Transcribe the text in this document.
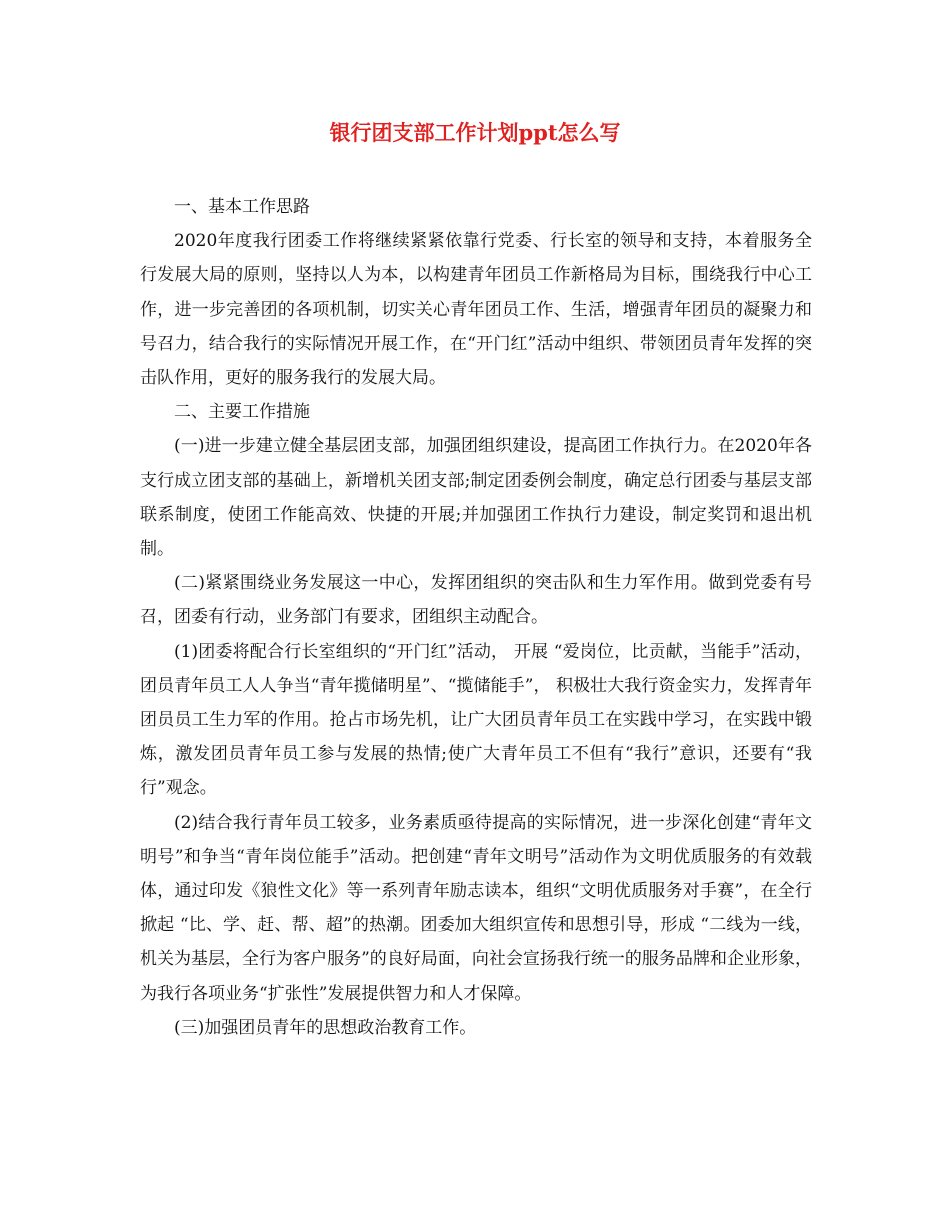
银行团支部工作计划ppt怎么写

一、基本工作思路

2020年度我行团委工作将继续紧紧依靠行党委、行长室的领导和支持，本着服务全行发展大局的原则，坚持以人为本，以构建青年团员工作新格局为目标，围绕我行中心工作，进一步完善团的各项机制，切实关心青年团员工作、生活，增强青年团员的凝聚力和号召力，结合我行的实际情况开展工作，在“开门红”活动中组织、带领团员青年发挥的突击队作用，更好的服务我行的发展大局。

二、主要工作措施

(一)进一步建立健全基层团支部，加强团组织建设，提高团工作执行力。在2020年各支行成立团支部的基础上，新增机关团支部;制定团委例会制度，确定总行团委与基层支部联系制度，使团工作能高效、快捷的开展;并加强团工作执行力建设，制定奖罚和退出机制。

(二)紧紧围绕业务发展这一中心，发挥团组织的突击队和生力军作用。做到党委有号召，团委有行动，业务部门有要求，团组织主动配合。

(1)团委将配合行长室组织的“开门红”活动， 开展 “爱岗位，比贡献，当能手”活动，团员青年员工人人争当“青年揽储明星”、“揽储能手”， 积极壮大我行资金实力，发挥青年团员员工生力军的作用。抢占市场先机，让广大团员青年员工在实践中学习，在实践中锻炼，激发团员青年员工参与发展的热情;使广大青年员工不但有“我行”意识，还要有“我行”观念。

(2)结合我行青年员工较多，业务素质亟待提高的实际情况，进一步深化创建“青年文明号”和争当“青年岗位能手”活动。把创建“青年文明号”活动作为文明优质服务的有效载体，通过印发《狼性文化》等一系列青年励志读本，组织“文明优质服务对手赛”，在全行掀起 “比、学、赶、帮、超”的热潮。团委加大组织宣传和思想引导，形成 “二线为一线，机关为基层，全行为客户服务”的良好局面，向社会宣扬我行统一的服务品牌和企业形象，为我行各项业务“扩张性”发展提供智力和人才保障。

(三)加强团员青年的思想政治教育工作。
